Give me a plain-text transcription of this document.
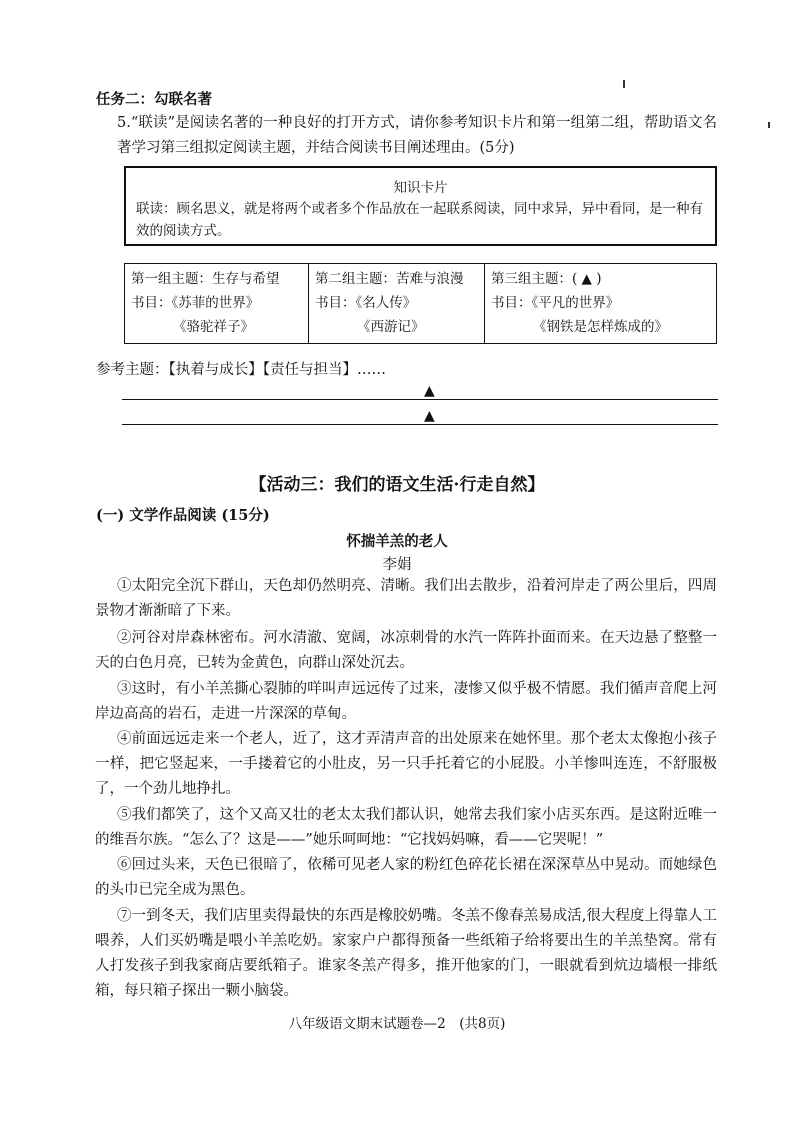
任务二：勾联名著
5.“联读”是阅读名著的一种良好的打开方式，请你参考知识卡片和第一组第二组，帮助语文名著学习第三组拟定阅读主题，并结合阅读书目阐述理由。(5分)
知识卡片
联读：顾名思义，就是将两个或者多个作品放在一起联系阅读，同中求异，异中看同，是一种有效的阅读方式。
第一组主题：生存与希望
书目：《苏菲的世界》
《骆驼祥子》

第二组主题：苦难与浪漫
书目：《名人传》
《西游记》

第三组主题：( ▲ )
书目：《平凡的世界》
《钢铁是怎样炼成的》
参考主题：【执着与成长】【责任与担当】……
▲
▲
【活动三：我们的语文生活·行走自然】
(一) 文学作品阅读 (15分)
怀揣羊羔的老人
李娟
①太阳完全沉下群山，天色却仍然明亮、清晰。我们出去散步，沿着河岸走了两公里后，四周景物才渐渐暗了下来。
②河谷对岸森林密布。河水清澈、宽阔，冰凉刺骨的水汽一阵阵扑面而来。在天边悬了整整一天的白色月亮，已转为金黄色，向群山深处沉去。
③这时，有小羊羔撕心裂肺的咩叫声远远传了过来，凄惨又似乎极不情愿。我们循声音爬上河岸边高高的岩石，走进一片深深的草甸。
④前面远远走来一个老人，近了，这才弄清声音的出处原来在她怀里。那个老太太像抱小孩子一样，把它竖起来，一手搂着它的小肚皮，另一只手托着它的小屁股。小羊惨叫连连，不舒服极了，一个劲儿地挣扎。
⑤我们都笑了，这个又高又壮的老太太我们都认识，她常去我们家小店买东西。是这附近唯一的维吾尔族。“怎么了？这是——”她乐呵呵地：“它找妈妈嘛，看——它哭呢！”
⑥回过头来，天色已很暗了，依稀可见老人家的粉红色碎花长裙在深深草丛中晃动。而她绿色的头巾已完全成为黑色。
⑦一到冬天，我们店里卖得最快的东西是橡胶奶嘴。冬羔不像春羔易成活,很大程度上得靠人工喂养，人们买奶嘴是喂小羊羔吃奶。家家户户都得预备一些纸箱子给将要出生的羊羔垫窝。常有人打发孩子到我家商店要纸箱子。谁家冬羔产得多，推开他家的门，一眼就看到炕边墙根一排纸箱，每只箱子探出一颗小脑袋。
八年级语文期末试题卷—2　(共8页)
